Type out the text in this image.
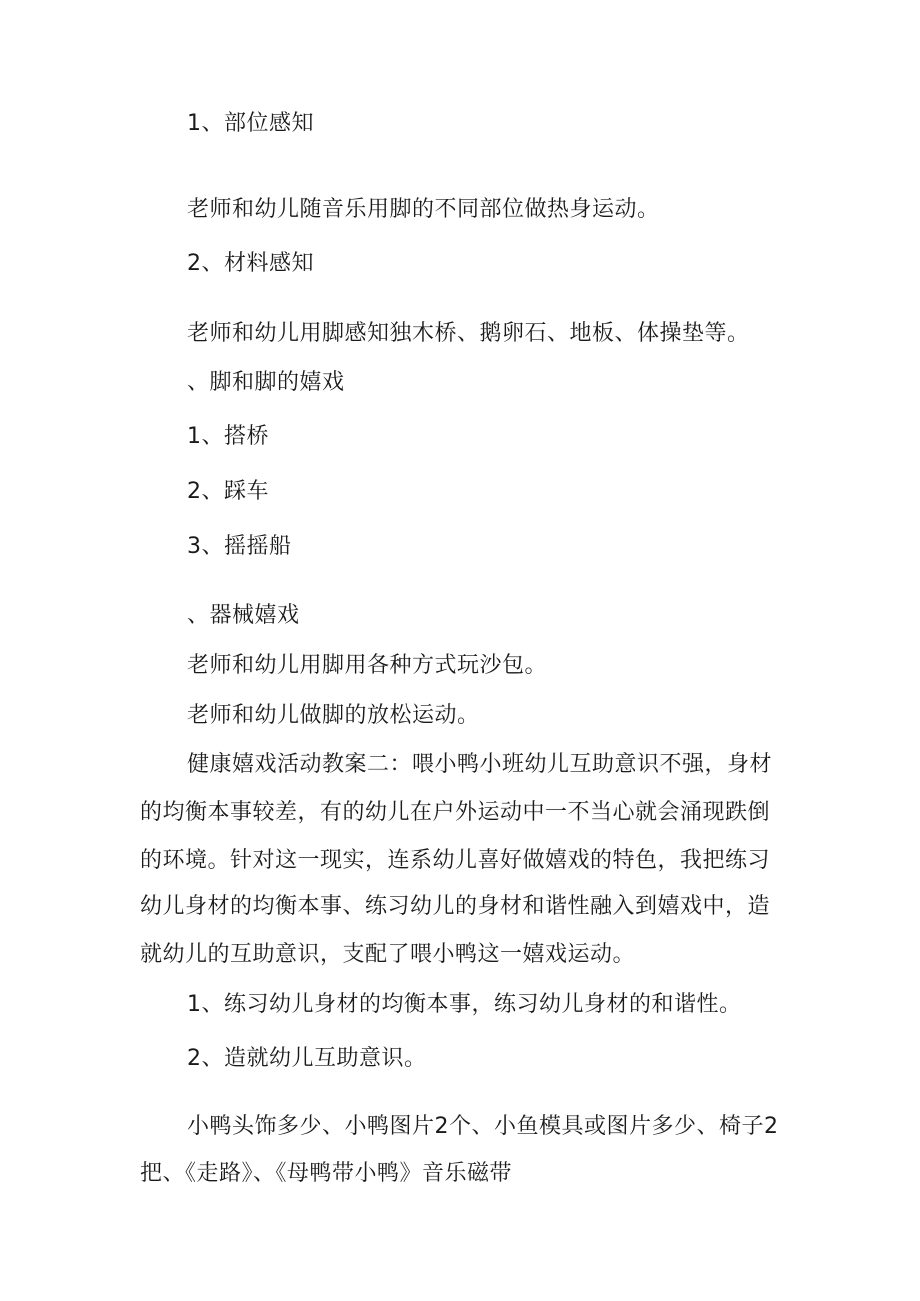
1、部位感知
老师和幼儿随音乐用脚的不同部位做热身运动。
2、材料感知
老师和幼儿用脚感知独木桥、鹅卵石、地板、体操垫等。
、脚和脚的嬉戏
1、搭桥
2、踩车
3、摇摇船
、器械嬉戏
老师和幼儿用脚用各种方式玩沙包。
老师和幼儿做脚的放松运动。
健康嬉戏活动教案二：喂小鸭小班幼儿互助意识不强，身材
的均衡本事较差，有的幼儿在户外运动中一不当心就会涌现跌倒
的环境。针对这一现实，连系幼儿喜好做嬉戏的特色，我把练习
幼儿身材的均衡本事、练习幼儿的身材和谐性融入到嬉戏中，造
就幼儿的互助意识，支配了喂小鸭这一嬉戏运动。
1、练习幼儿身材的均衡本事，练习幼儿身材的和谐性。
2、造就幼儿互助意识。
小鸭头饰多少、小鸭图片2个、小鱼模具或图片多少、椅子2
把、《走路》、《母鸭带小鸭》音乐磁带
